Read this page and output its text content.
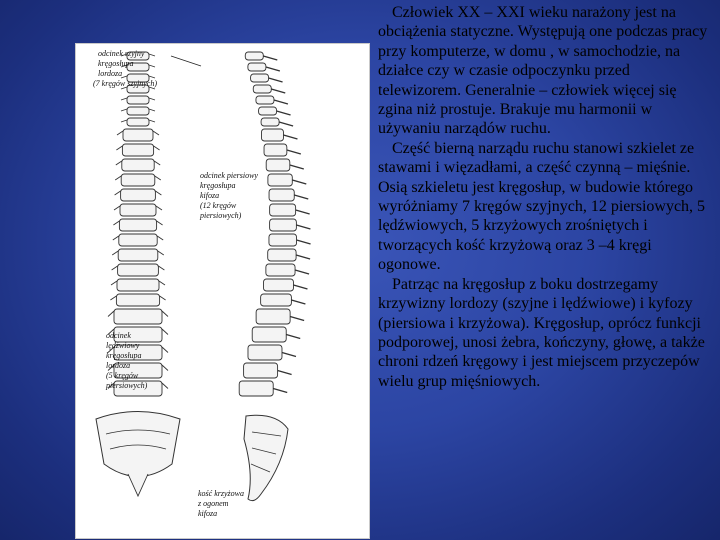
odcinek szyjny
kręgosłupa
lordoza
(7 kręgów szyjnych)
odcinek piersiowy
kręgosłupa
kifoza
(12 kręgów
piersiowych)
odcinek
lędźwiowy
kręgosłupa
lordoza
(5 kręgów
piersiowych)
kość krzyżowa
z ogonem
kifoza

Człowiek XX – XXI wieku narażony jest na obciążenia statyczne. Występują one podczas pracy przy komputerze, w domu , w samochodzie, na działce czy w czasie odpoczynku przed telewizorem. Generalnie – człowiek więcej się zgina niż prostuje. Brakuje mu harmonii w używaniu narządów ruchu.

Część bierną narządu ruchu stanowi szkielet ze stawami i więzadłami, a część czynną – mięśnie. Osią szkieletu jest kręgosłup, w budowie którego wyróżniamy 7 kręgów szyjnych, 12 piersiowych, 5 lędźwiowych, 5 krzyżowych zrośniętych i tworzących kość krzyżową oraz 3 –4 kręgi ogonowe.

Patrząc na kręgosłup z boku dostrzegamy krzywizny lordozy (szyjne i lędźwiowe) i kyfozy (piersiowa i krzyżowa). Kręgosłup, oprócz funkcji podporowej, unosi żebra, kończyny, głowę, a także chroni rdzeń kręgowy i jest miejscem przyczepów wielu grup mięśniowych.
